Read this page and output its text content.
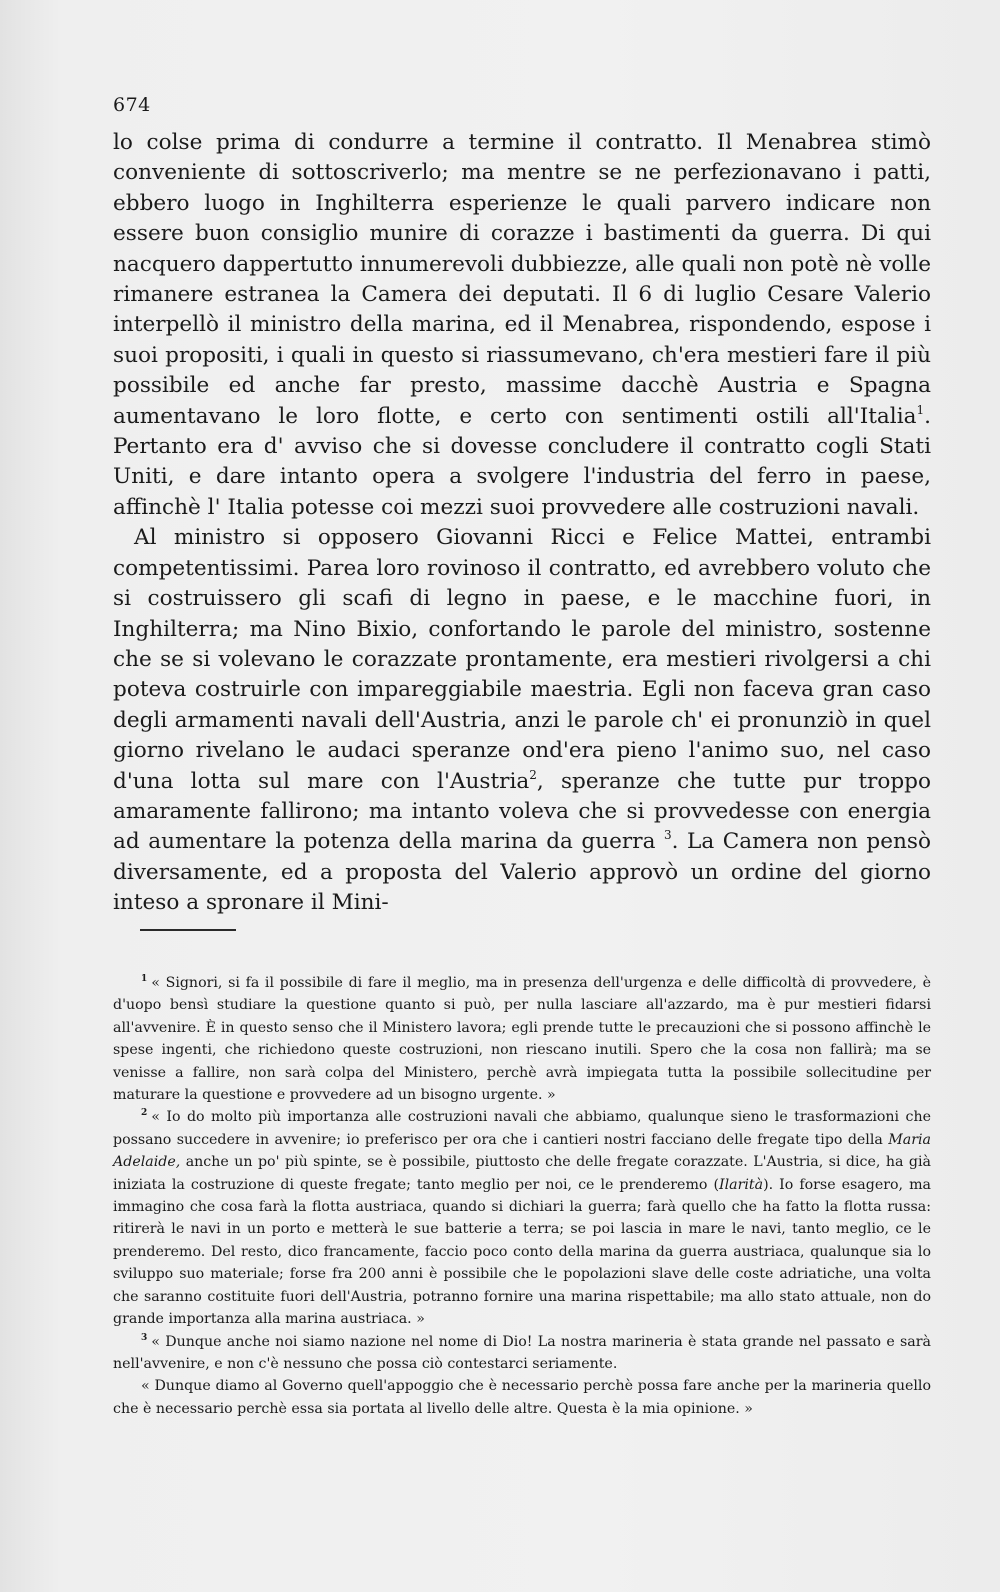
674

lo colse prima di condurre a termine il contratto. Il Menabrea stimò conveniente di sottoscriverlo; ma mentre se ne perfezionavano i patti, ebbero luogo in Inghilterra esperienze le quali parvero indicare non essere buon consiglio munire di corazze i bastimenti da guerra. Di qui nacquero dappertutto innumerevoli dubbiezze, alle quali non potè nè volle rimanere estranea la Camera dei deputati. Il 6 di luglio Cesare Valerio interpellò il ministro della marina, ed il Menabrea, rispondendo, espose i suoi propositi, i quali in questo si riassumevano, ch'era mestieri fare il più possibile ed anche far presto, massime dacchè Austria e Spagna aumentavano le loro flotte, e certo con sentimenti ostili all'Italia$^1$. Pertanto era d' avviso che si dovesse concludere il contratto cogli Stati Uniti, e dare intanto opera a svolgere l'industria del ferro in paese, affinchè l' Italia potesse coi mezzi suoi provvedere alle costruzioni navali.

Al ministro si opposero Giovanni Ricci e Felice Mattei, entrambi competentissimi. Parea loro rovinoso il contratto, ed avrebbero voluto che si costruissero gli scafi di legno in paese, e le macchine fuori, in Inghilterra; ma Nino Bixio, confortando le parole del ministro, sostenne che se si volevano le corazzate prontamente, era mestieri rivolgersi a chi poteva costruirle con impareggiabile maestria. Egli non faceva gran caso degli armamenti navali dell'Austria, anzi le parole ch' ei pronunziò in quel giorno rivelano le audaci speranze ond'era pieno l'animo suo, nel caso d'una lotta sul mare con l'Austria$^2$, speranze che tutte pur troppo amaramente fallirono; ma intanto voleva che si provvedesse con energia ad aumentare la potenza della marina da guerra $^3$. La Camera non pensò diversamente, ed a proposta del Valerio approvò un ordine del giorno inteso a spronare il Mini-

$^1$ « Signori, si fa il possibile di fare il meglio, ma in presenza dell'urgenza e delle difficoltà di provvedere, è d'uopo bensì studiare la questione quanto si può, per nulla lasciare all'azzardo, ma è pur mestieri fidarsi all'avvenire. È in questo senso che il Ministero lavora; egli prende tutte le precauzioni che si possono affinchè le spese ingenti, che richiedono queste costruzioni, non riescano inutili. Spero che la cosa non fallirà; ma se venisse a fallire, non sarà colpa del Ministero, perchè avrà impiegata tutta la possibile sollecitudine per maturare la questione e provvedere ad un bisogno urgente. »

$^2$ « Io do molto più importanza alle costruzioni navali che abbiamo, qualunque sieno le trasformazioni che possano succedere in avvenire; io preferisco per ora che i cantieri nostri facciano delle fregate tipo della Maria Adelaide, anche un po' più spinte, se è possibile, piuttosto che delle fregate corazzate. L'Austria, si dice, ha già iniziata la costruzione di queste fregate; tanto meglio per noi, ce le prenderemo (Ilarità). Io forse esagero, ma immagino che cosa farà la flotta austriaca, quando si dichiari la guerra; farà quello che ha fatto la flotta russa: ritirerà le navi in un porto e metterà le sue batterie a terra; se poi lascia in mare le navi, tanto meglio, ce le prenderemo. Del resto, dico francamente, faccio poco conto della marina da guerra austriaca, qualunque sia lo sviluppo suo materiale; forse fra 200 anni è possibile che le popolazioni slave delle coste adriatiche, una volta che saranno costituite fuori dell'Austria, potranno fornire una marina rispettabile; ma allo stato attuale, non do grande importanza alla marina austriaca. »

$^3$ « Dunque anche noi siamo nazione nel nome di Dio! La nostra marineria è stata grande nel passato e sarà nell'avvenire, e non c'è nessuno che possa ciò contestarci seriamente.

« Dunque diamo al Governo quell'appoggio che è necessario perchè possa fare anche per la marineria quello che è necessario perchè essa sia portata al livello delle altre. Questa è la mia opinione. »
